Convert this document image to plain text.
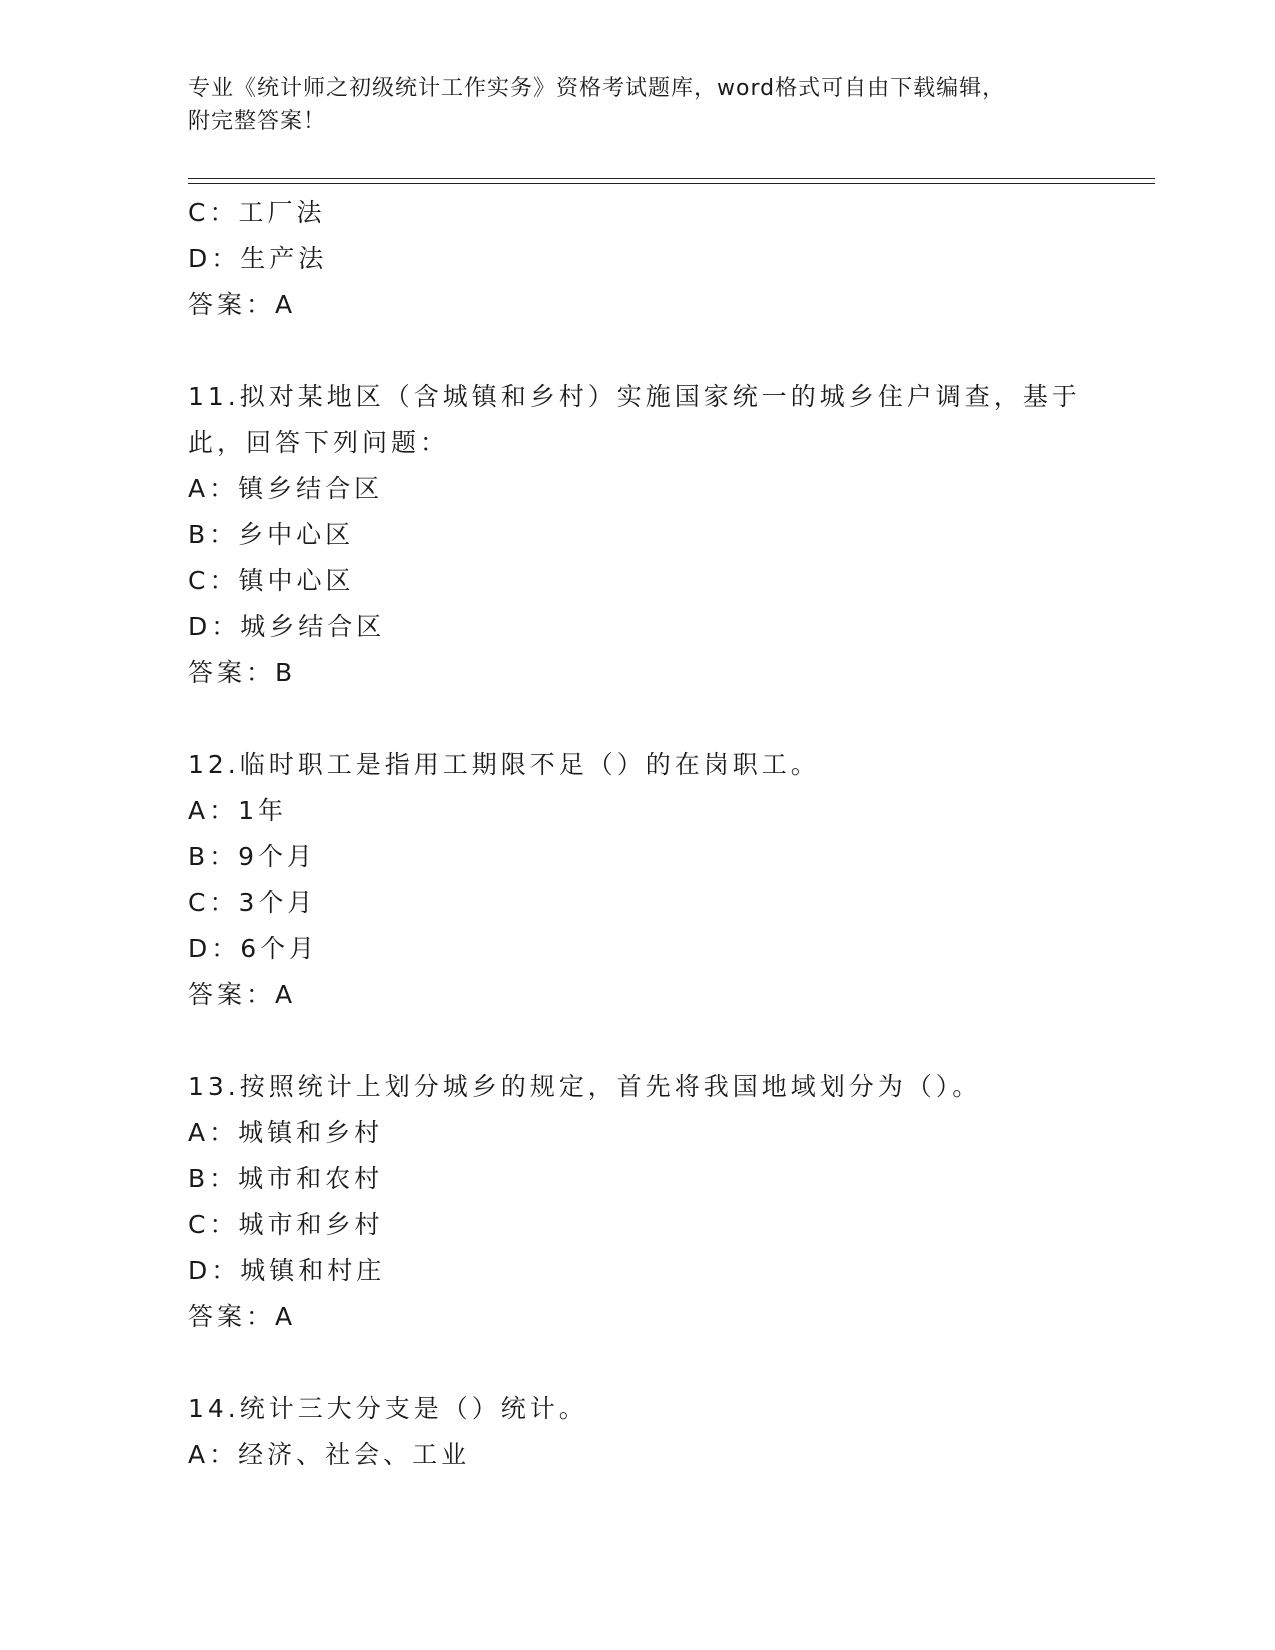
专业《统计师之初级统计工作实务》资格考试题库，word格式可自由下载编辑，
附完整答案！
C：工厂法
D：生产法
答案：A
11.拟对某地区（含城镇和乡村）实施国家统一的城乡住户调查，基于
此，回答下列问题：
A：镇乡结合区
B：乡中心区
C：镇中心区
D：城乡结合区
答案：B
12.临时职工是指用工期限不足（）的在岗职工。
A：1年
B：9个月
C：3个月
D：6个月
答案：A
13.按照统计上划分城乡的规定，首先将我国地域划分为（）。
A：城镇和乡村
B：城市和农村
C：城市和乡村
D：城镇和村庄
答案：A
14.统计三大分支是（）统计。
A：经济、社会、工业
